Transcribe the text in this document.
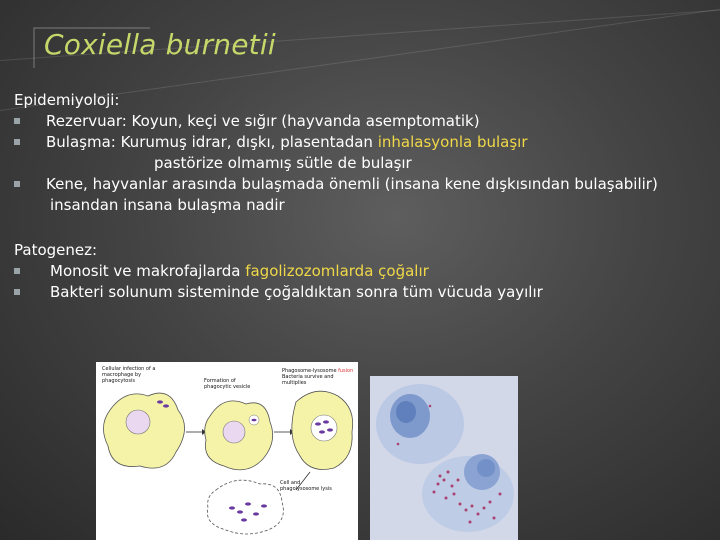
Coxiella burnetii
Epidemiyoloji:
Rezervuar: Koyun, keçi ve sığır (hayvanda asemptomatik)
Bulaşma: Kurumuş idrar, dışkı, plasentadan inhalasyonla bulaşır
pastörize olmamış sütle de bulaşır
Kene, hayvanlar arasında bulaşmada önemli (insana kene dışkısından bulaşabilir)
insandan insana bulaşma nadir
Patogenez:
Monosit ve makrofajlarda fagolizozomlarda çoğalır
Bakteri solunum sisteminde çoğaldıktan sonra tüm vücuda yayılır
Cellular infection of a macrophage by phagocytosis	Formation of phagocytic vesicle
Phagosome-lysosome fusion
Bacteria survive and multiplies
Cell and phagolysosome lysis
